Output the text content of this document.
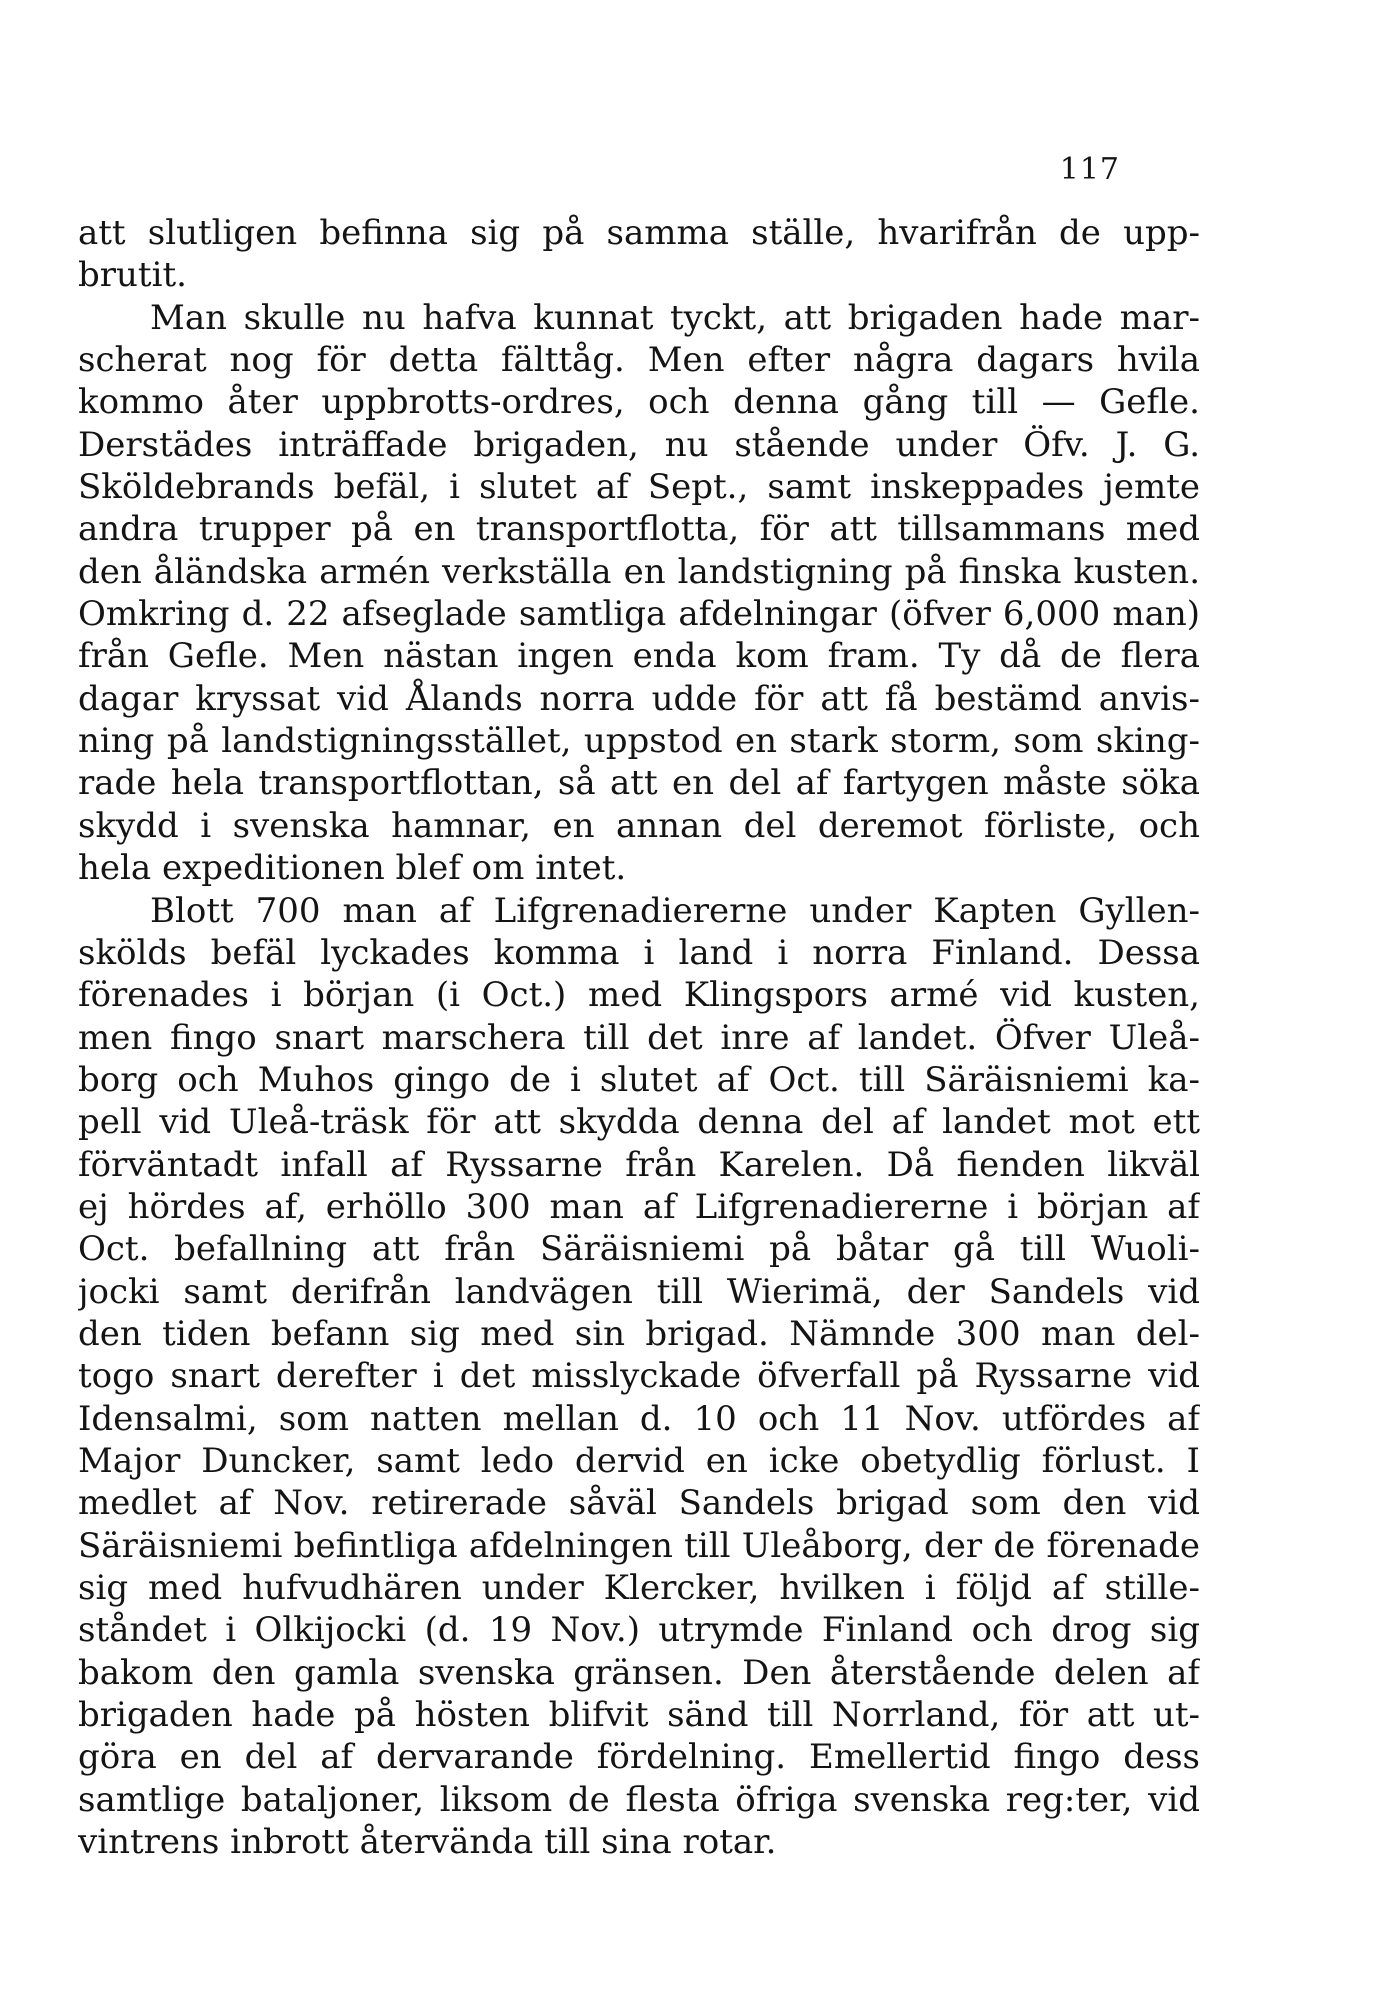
117
att slutligen befinna sig på samma ställe, hvarifrån de upp-
brutit.
Man skulle nu hafva kunnat tyckt, att brigaden hade mar-
scherat nog för detta fälttåg. Men efter några dagars hvila
kommo åter uppbrotts-ordres, och denna gång till — Gefle.
Derstädes inträffade brigaden, nu stående under Öfv. J. G.
Sköldebrands befäl, i slutet af Sept., samt inskeppades jemte
andra trupper på en transportflotta, för att tillsammans med
den åländska armén verkställa en landstigning på finska kusten.
Omkring d. 22 afseglade samtliga afdelningar (öfver 6,000 man)
från Gefle. Men nästan ingen enda kom fram. Ty då de flera
dagar kryssat vid Ålands norra udde för att få bestämd anvis-
ning på landstigningsstället, uppstod en stark storm, som sking-
rade hela transportflottan, så att en del af fartygen måste söka
skydd i svenska hamnar, en annan del deremot förliste, och
hela expeditionen blef om intet.
Blott 700 man af Lifgrenadiererne under Kapten Gyllen-
skölds befäl lyckades komma i land i norra Finland. Dessa
förenades i början (i Oct.) med Klingspors armé vid kusten,
men fingo snart marschera till det inre af landet. Öfver Uleå-
borg och Muhos gingo de i slutet af Oct. till Säräisniemi ka-
pell vid Uleå-träsk för att skydda denna del af landet mot ett
förväntadt infall af Ryssarne från Karelen. Då fienden likväl
ej hördes af, erhöllo 300 man af Lifgrenadiererne i början af
Oct. befallning att från Säräisniemi på båtar gå till Wuoli-
jocki samt derifrån landvägen till Wierimä, der Sandels vid
den tiden befann sig med sin brigad. Nämnde 300 man del-
togo snart derefter i det misslyckade öfverfall på Ryssarne vid
Idensalmi, som natten mellan d. 10 och 11 Nov. utfördes af
Major Duncker, samt ledo dervid en icke obetydlig förlust. I
medlet af Nov. retirerade såväl Sandels brigad som den vid
Säräisniemi befintliga afdelningen till Uleåborg, der de förenade
sig med hufvudhären under Klercker, hvilken i följd af stille-
ståndet i Olkijocki (d. 19 Nov.) utrymde Finland och drog sig
bakom den gamla svenska gränsen. Den återstående delen af
brigaden hade på hösten blifvit sänd till Norrland, för att ut-
göra en del af dervarande fördelning. Emellertid fingo dess
samtlige bataljoner, liksom de flesta öfriga svenska reg:ter, vid
vintrens inbrott återvända till sina rotar.
